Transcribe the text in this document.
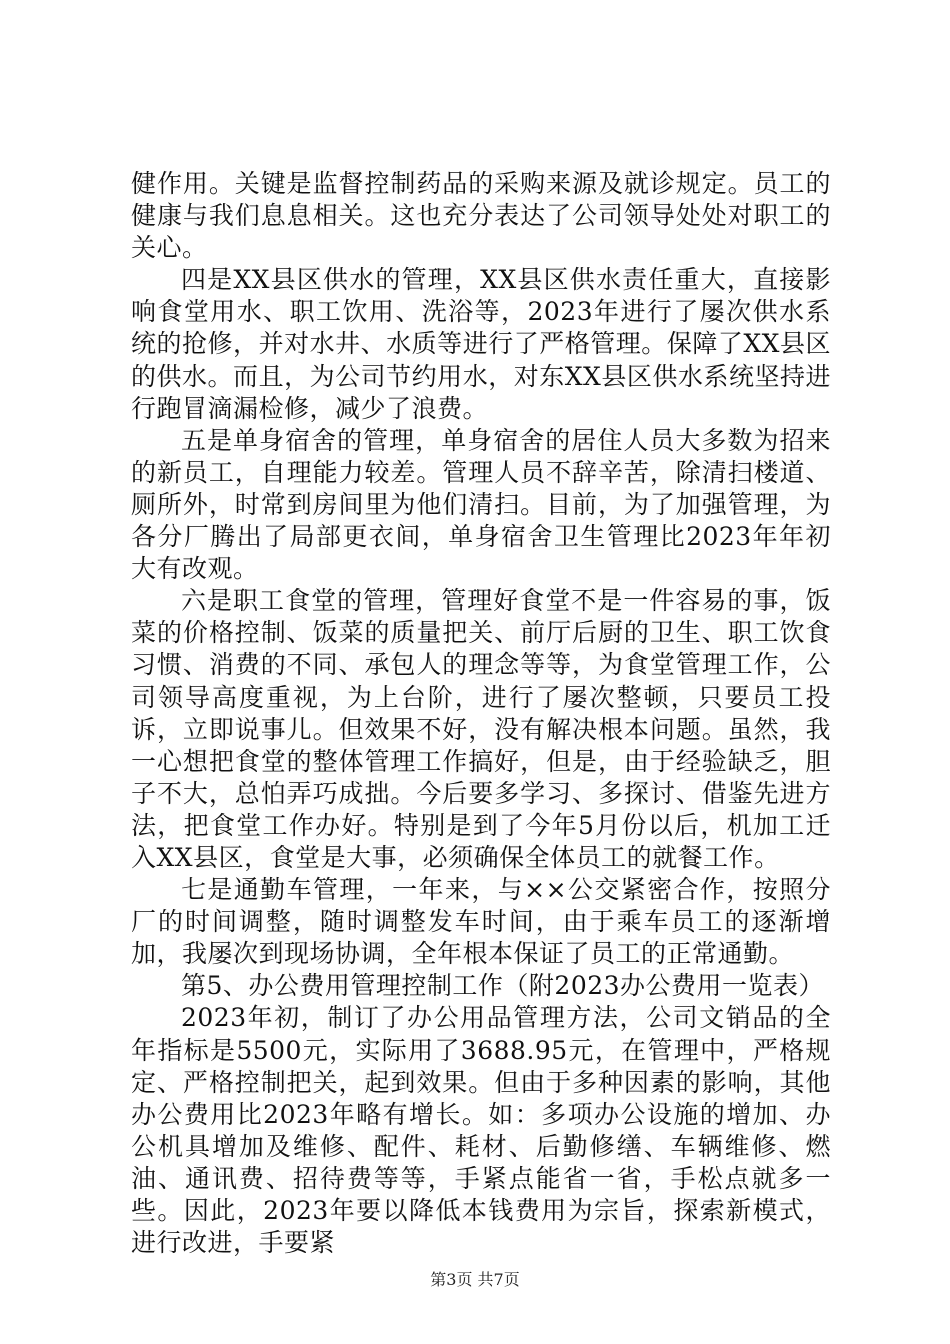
健作用。关键是监督控制药品的采购来源及就诊规定。员工的健康与我们息息相关。这也充分表达了公司领导处处对职工的关心。

四是XX县区供水的管理，XX县区供水责任重大，直接影响食堂用水、职工饮用、洗浴等，2023年进行了屡次供水系统的抢修，并对水井、水质等进行了严格管理。保障了XX县区的供水。而且，为公司节约用水，对东XX县区供水系统坚持进行跑冒滴漏检修，减少了浪费。

五是单身宿舍的管理，单身宿舍的居住人员大多数为招来的新员工，自理能力较差。管理人员不辞辛苦，除清扫楼道、厕所外，时常到房间里为他们清扫。目前，为了加强管理，为各分厂腾出了局部更衣间，单身宿舍卫生管理比2023年年初大有改观。

六是职工食堂的管理，管理好食堂不是一件容易的事，饭菜的价格控制、饭菜的质量把关、前厅后厨的卫生、职工饮食习惯、消费的不同、承包人的理念等等，为食堂管理工作，公司领导高度重视，为上台阶，进行了屡次整顿，只要员工投诉，立即说事儿。但效果不好，没有解决根本问题。虽然，我一心想把食堂的整体管理工作搞好，但是，由于经验缺乏，胆子不大，总怕弄巧成拙。今后要多学习、多探讨、借鉴先进方法，把食堂工作办好。特别是到了今年5月份以后，机加工迁入XX县区，食堂是大事，必须确保全体员工的就餐工作。

七是通勤车管理，一年来，与××公交紧密合作，按照分厂的时间调整，随时调整发车时间，由于乘车员工的逐渐增加，我屡次到现场协调，全年根本保证了员工的正常通勤。

第5、办公费用管理控制工作（附2023办公费用一览表）

2023年初，制订了办公用品管理方法，公司文销品的全年指标是5500元，实际用了3688.95元，在管理中，严格规定、严格控制把关，起到效果。但由于多种因素的影响，其他办公费用比2023年略有增长。如：多项办公设施的增加、办公机具增加及维修、配件、耗材、后勤修缮、车辆维修、燃油、通讯费、招待费等等，手紧点能省一省，手松点就多一些。因此，2023年要以降低本钱费用为宗旨，探索新模式，进行改进，手要紧

第3页 共7页
